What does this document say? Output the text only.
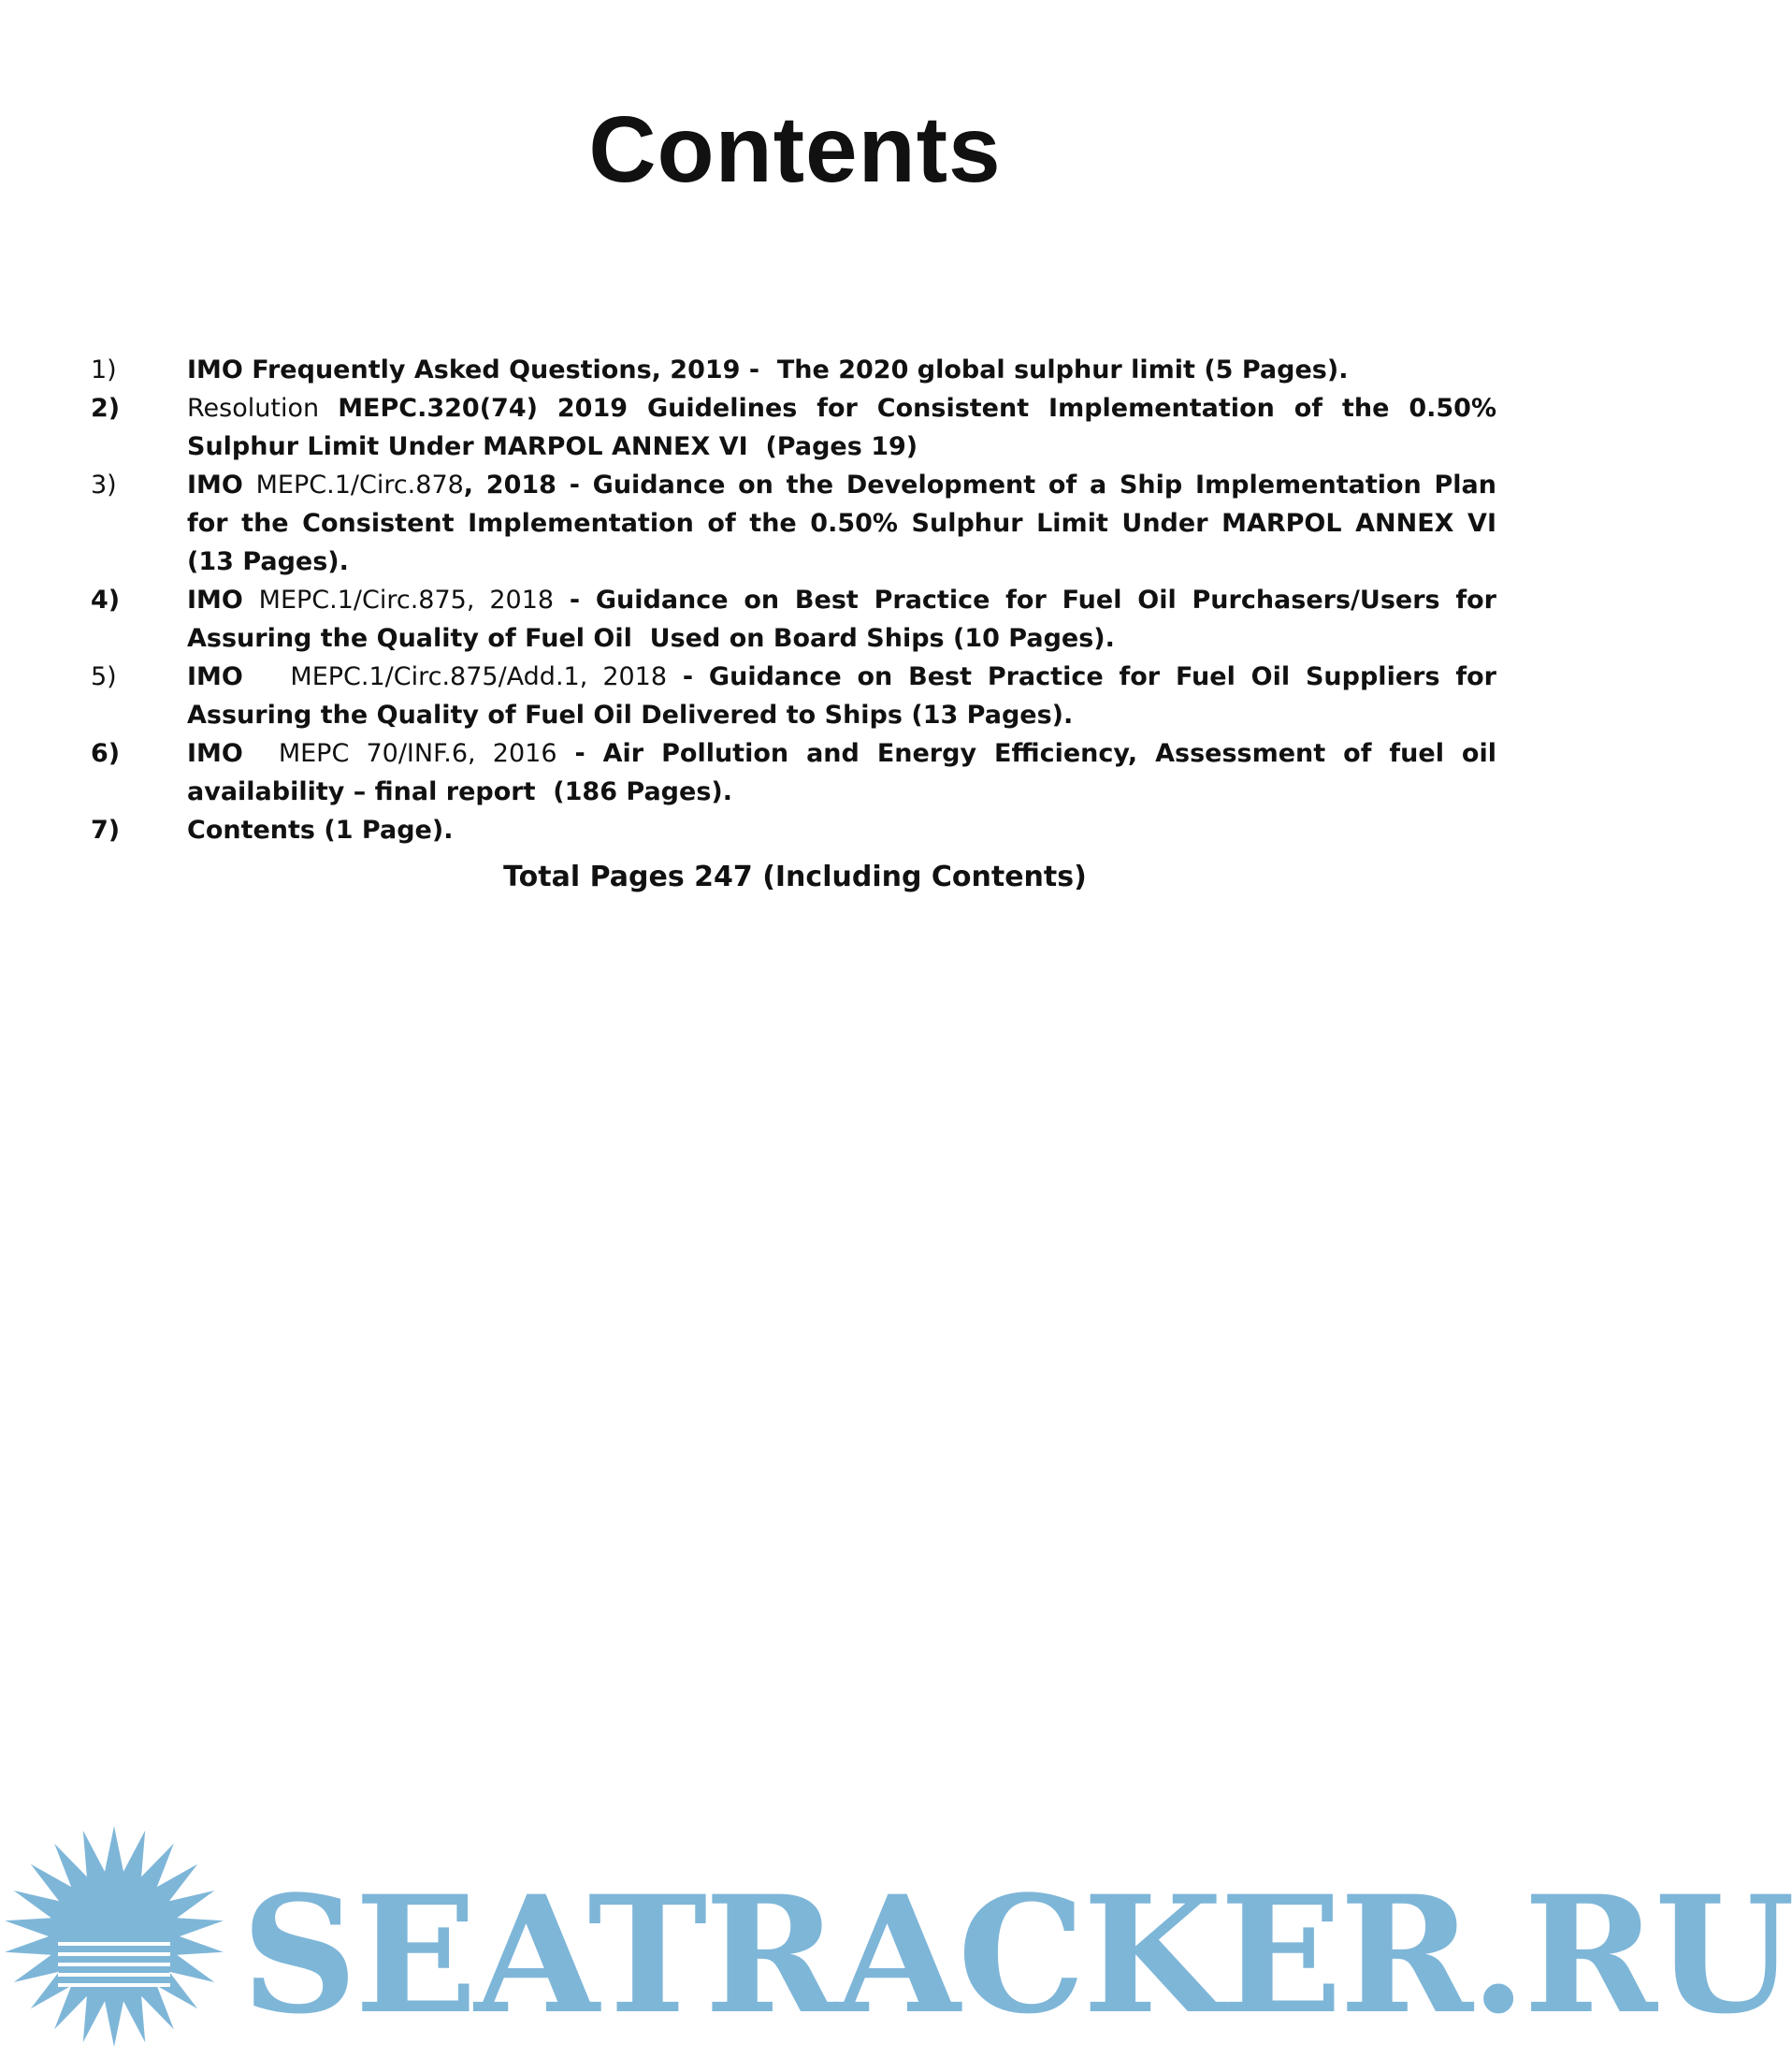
Contents
1)	IMO Frequently Asked Questions, 2019 -  The 2020 global sulphur limit (5 Pages).
2)	Resolution MEPC.320(74) 2019 Guidelines for Consistent Implementation of the 0.50% Sulphur Limit Under MARPOL ANNEX VI  (Pages 19)
3)	IMO MEPC.1/Circ.878, 2018 - Guidance on the Development of a Ship Implementation Plan for the Consistent Implementation of the 0.50% Sulphur Limit Under MARPOL ANNEX VI  (13 Pages).
4)	IMO MEPC.1/Circ.875, 2018 - Guidance on Best Practice for Fuel Oil Purchasers/Users for Assuring the Quality of Fuel Oil  Used on Board Ships (10 Pages).
5)	IMO   MEPC.1/Circ.875/Add.1, 2018 - Guidance on Best Practice for Fuel Oil Suppliers for Assuring the Quality of Fuel Oil Delivered to Ships (13 Pages).
6)	IMO  MEPC 70/INF.6, 2016 - Air Pollution and Energy Efficiency, Assessment of fuel oil availability – final report  (186 Pages).
7)	Contents (1 Page).
Total Pages 247 (Including Contents)
SEATRACKER.RU
